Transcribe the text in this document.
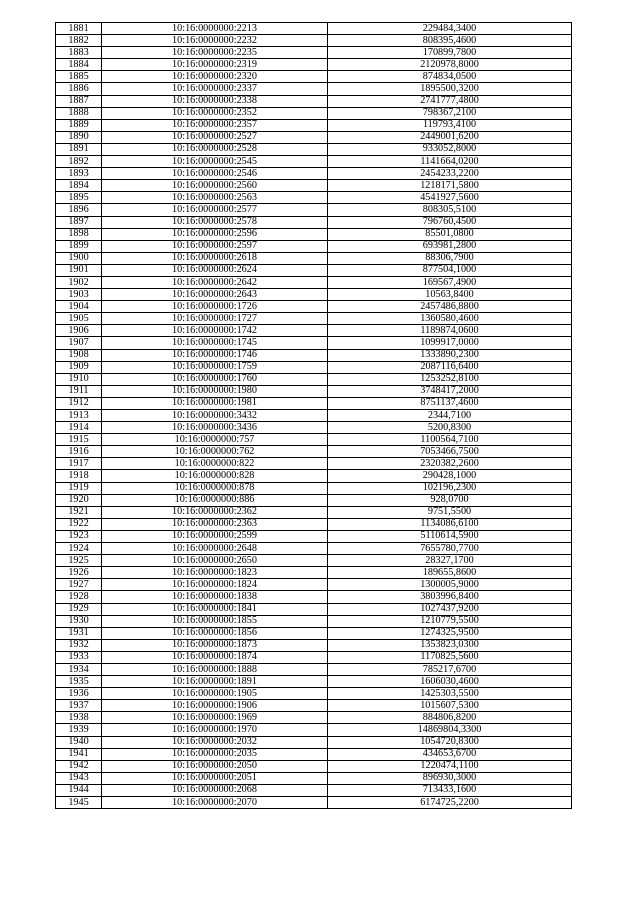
1881	10:16:0000000:2213	229484,3400
1882	10:16:0000000:2232	808395,4600
1883	10:16:0000000:2235	170899,7800
1884	10:16:0000000:2319	2120978,8000
1885	10:16:0000000:2320	874834,0500
1886	10:16:0000000:2337	1895500,3200
1887	10:16:0000000:2338	2741777,4800
1888	10:16:0000000:2352	798367,2100
1889	10:16:0000000:2357	119793,4100
1890	10:16:0000000:2527	2449001,6200
1891	10:16:0000000:2528	933052,8000
1892	10:16:0000000:2545	1141664,0200
1893	10:16:0000000:2546	2454233,2200
1894	10:16:0000000:2560	1218171,5800
1895	10:16:0000000:2563	4541927,5600
1896	10:16:0000000:2577	808305,5100
1897	10:16:0000000:2578	796760,4500
1898	10:16:0000000:2596	85501,0800
1899	10:16:0000000:2597	693981,2800
1900	10:16:0000000:2618	88306,7900
1901	10:16:0000000:2624	877504,1000
1902	10:16:0000000:2642	169567,4900
1903	10:16:0000000:2643	10563,8400
1904	10:16:0000000:1726	2457486,8800
1905	10:16:0000000:1727	1360580,4600
1906	10:16:0000000:1742	1189874,0600
1907	10:16:0000000:1745	1099917,0000
1908	10:16:0000000:1746	1333890,2300
1909	10:16:0000000:1759	2087116,6400
1910	10:16:0000000:1760	1253252,8100
1911	10:16:0000000:1980	3748417,2000
1912	10:16:0000000:1981	8751137,4600
1913	10:16:0000000:3432	2344,7100
1914	10:16:0000000:3436	5200,8300
1915	10:16:0000000:757	1100564,7100
1916	10:16:0000000:762	7053466,7500
1917	10:16:0000000:822	2320382,2600
1918	10:16:0000000:828	290428,1000
1919	10:16:0000000:878	102196,2300
1920	10:16:0000000:886	928,0700
1921	10:16:0000000:2362	9751,5500
1922	10:16:0000000:2363	1134086,6100
1923	10:16:0000000:2599	5110614,5900
1924	10:16:0000000:2648	7655780,7700
1925	10:16:0000000:2650	28327,1700
1926	10:16:0000000:1823	189655,8600
1927	10:16:0000000:1824	1300005,9000
1928	10:16:0000000:1838	3803996,8400
1929	10:16:0000000:1841	1027437,9200
1930	10:16:0000000:1855	1210779,5500
1931	10:16:0000000:1856	1274325,9500
1932	10:16:0000000:1873	1353823,0300
1933	10:16:0000000:1874	1170825,5600
1934	10:16:0000000:1888	785217,6700
1935	10:16:0000000:1891	1606030,4600
1936	10:16:0000000:1905	1425303,5500
1937	10:16:0000000:1906	1015607,5300
1938	10:16:0000000:1969	884806,8200
1939	10:16:0000000:1970	14869804,3300
1940	10:16:0000000:2032	1054720,8300
1941	10:16:0000000:2035	434653,6700
1942	10:16:0000000:2050	1220474,1100
1943	10:16:0000000:2051	896930,3000
1944	10:16:0000000:2068	713433,1600
1945	10:16:0000000:2070	6174725,2200
